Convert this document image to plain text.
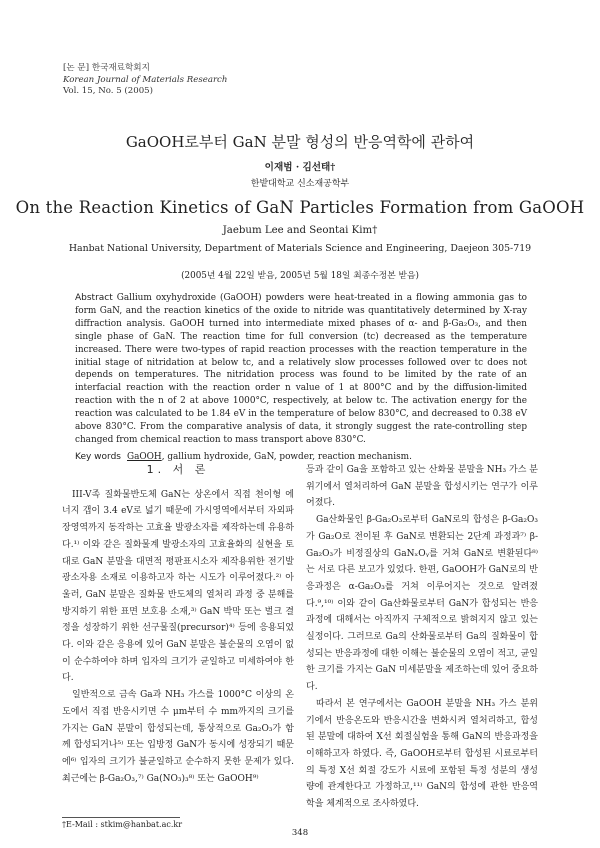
[논 문] 한국재료학회지
Korean Journal of Materials Research
Vol. 15, No. 5 (2005)
GaOOH로부터 GaN 분말 형성의 반응역학에 관하여
이재범 · 김선태†
한밭대학교 신소재공학부
On the Reaction Kinetics of GaN Particles Formation from GaOOH
Jaebum Lee and Seontai Kim†
Hanbat National University, Department of Materials Science and Engineering, Daejeon 305-719
(2005년 4월 22일 받음, 2005년 5월 18일 최종수정본 받음)
Abstract Gallium oxyhydroxide (GaOOH) powders were heat-treated in a flowing ammonia gas to form GaN, and the reaction kinetics of the oxide to nitride was quantitatively determined by X-ray diffraction analysis. GaOOH turned into intermediate mixed phases of α- and β-Ga₂O₃, and then single phase of GaN. The reaction time for full conversion (tc) decreased as the temperature increased. There were two-types of rapid reaction processes with the reaction temperature in the initial stage of nitridation at below tc, and a relatively slow processes followed over tc does not depends on temperatures. The nitridation process was found to be limited by the rate of an interfacial reaction with the reaction order n value of 1 at 800°C and by the diffusion-limited reaction with the n of 2 at above 1000°C, respectively, at below tc. The activation energy for the reaction was calculated to be 1.84 eV in the temperature of below 830°C, and decreased to 0.38 eV above 830°C. From the comparative analysis of data, it strongly suggest the rate-controlling step changed from chemical reaction to mass transport above 830°C.
Key words GaOOH, gallium hydroxide, GaN, powder, reaction mechanism.
1. 서 론

III-V족 질화물반도체 GaN는 상온에서 직접 천이형 에너지 갭이 3.4 eV로 넓기 때문에 가시영역에서부터 자외파장영역까지 동작하는 고효율 발광소자를 제작하는데 유용하다.¹⁾ 이와 같은 질화물계 발광소자의 고효율화의 실현을 토대로 GaN 분말을 대면적 평판표시소자 제작용위한 전기발광소자용 소재로 이용하고자 하는 시도가 이루어졌다.²⁾ 아울러, GaN 분말은 질화물 반도체의 열처리 과정 중 분해를 방지하기 위한 표면 보호용 소재,³⁾ GaN 박막 또는 벌크 결정을 성장하기 위한 선구물질(precursor)⁴⁾ 등에 응용되었다. 이와 같은 응용에 있어 GaN 분말은 불순물의 오염이 없이 순수하여야 하며 입자의 크기가 균일하고 미세하여야 한다.

일반적으로 금속 Ga과 NH₃ 가스를 1000°C 이상의 온도에서 직접 반응시키면 수 μm부터 수 mm까지의 크기를 가지는 GaN 분말이 합성되는데, 통상적으로 Ga₂O₃가 함께 합성되거나⁵⁾ 또는 입방정 GaN가 동시에 성장되기 때문에⁶⁾ 입자의 크기가 불균일하고 순수하지 못한 문제가 있다. 최근에는 β-Ga₂O₃,⁷⁾ Ga(NO₃)₃⁸⁾ 또는 GaOOH⁹⁾

등과 같이 Ga을 포함하고 있는 산화물 분말을 NH₃ 가스 분위기에서 열처리하여 GaN 분말을 합성시키는 연구가 이루어졌다.

Ga산화물인 β-Ga₂O₃로부터 GaN로의 합성은 β-Ga₂O₃가 Ga₂O로 전이된 후 GaN로 변환되는 2단계 과정과⁷⁾ β-Ga₂O₃가 비정질상의 GaNₓOᵧ를 거쳐 GaN로 변환된다⁸⁾는 서로 다른 보고가 있었다. 한편, GaOOH가 GaN로의 반응과정은 α-Ga₂O₃를 거쳐 이루어지는 것으로 알려졌다.⁹,¹⁰⁾ 이와 같이 Ga산화물로부터 GaN가 합성되는 반응과정에 대해서는 아직까지 구체적으로 밝혀지지 않고 있는 실정이다. 그러므로 Ga의 산화물로부터 Ga의 질화물이 합성되는 반응과정에 대한 이해는 불순물의 오염이 적고, 균일한 크기를 가지는 GaN 미세분말을 제조하는데 있어 중요하다.

따라서 본 연구에서는 GaOOH 분말을 NH₃ 가스 분위기에서 반응온도와 반응시간을 변화시켜 열처리하고, 합성된 분말에 대하여 X선 회절실험을 통해 GaN의 반응과정을 이해하고자 하였다. 즉, GaOOH로부터 합성된 시료로부터의 특정 X선 회절 강도가 시료에 포함된 특정 성분의 생성량에 관계한다고 가정하고,¹¹⁾ GaN의 합성에 관한 반응역학을 체계적으로 조사하였다.

†E-Mail : stkim@hanbat.ac.kr
348
